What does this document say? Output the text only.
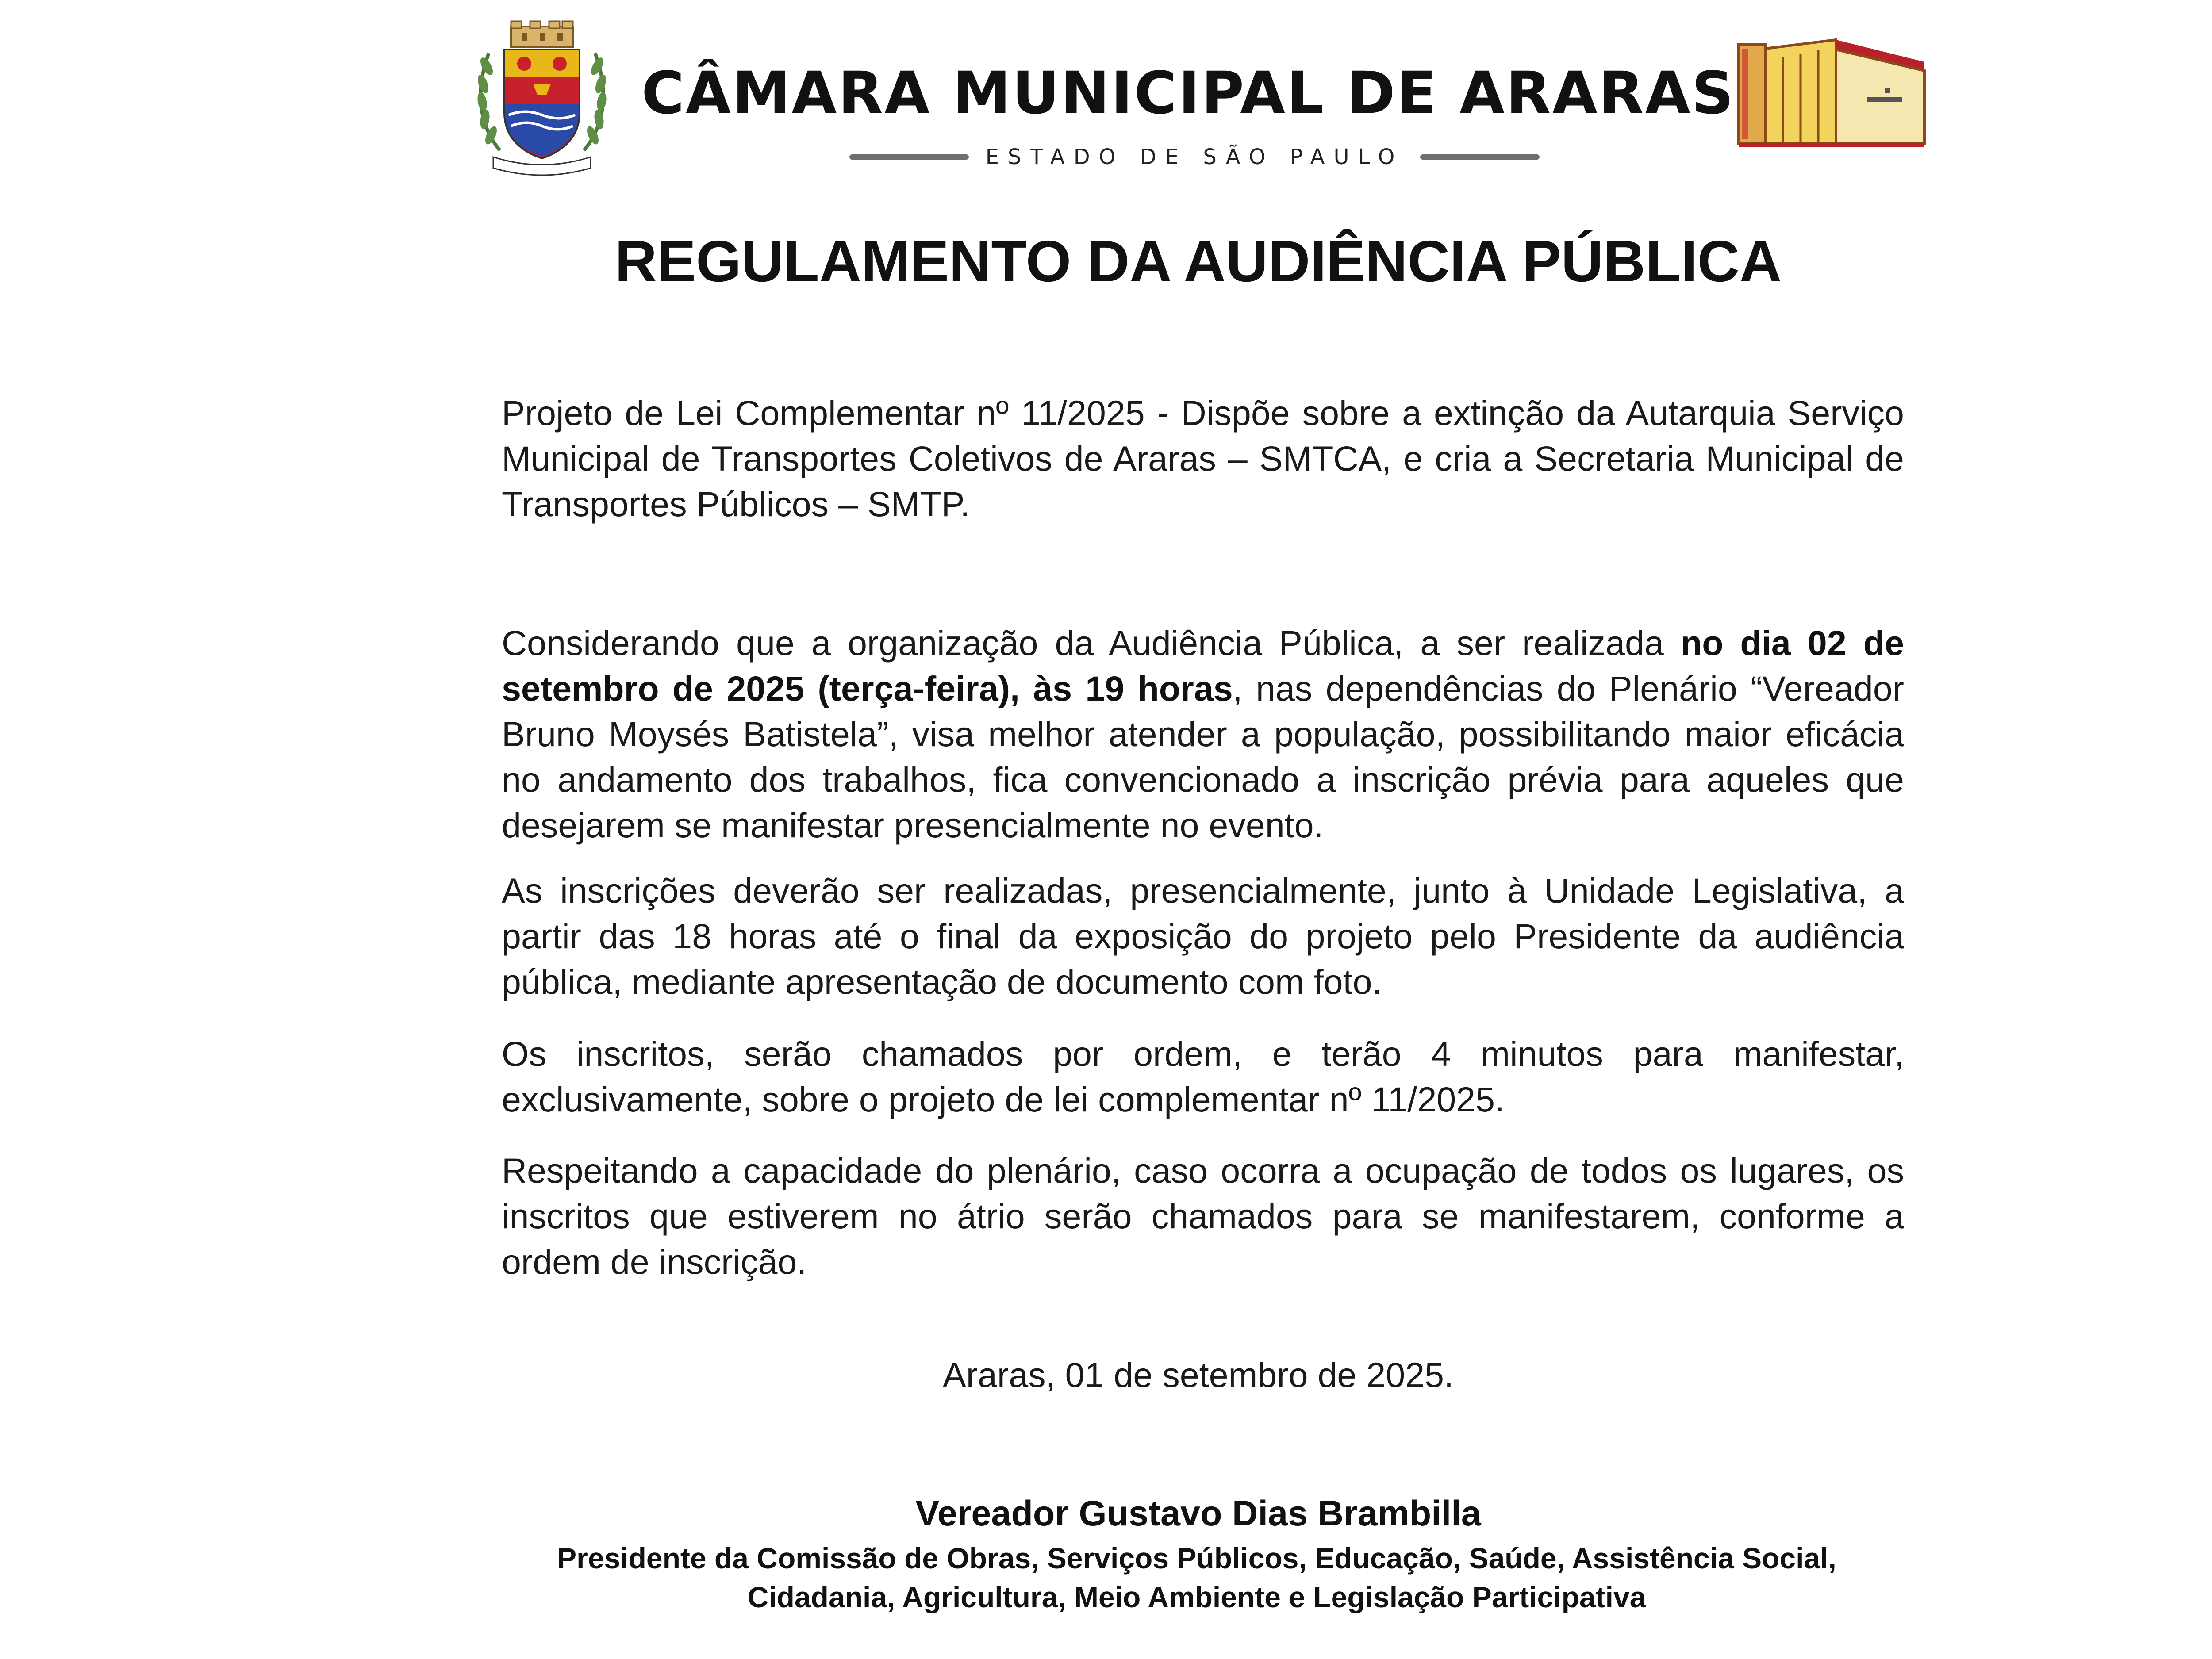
CÂMARA MUNICIPAL DE ARARAS
ESTADO DE SÃO PAULO
REGULAMENTO DA AUDIÊNCIA PÚBLICA

Projeto de Lei Complementar nº 11/2025 - Dispõe sobre a extinção da Autarquia Serviço Municipal de Transportes Coletivos de Araras – SMTCA, e cria a Secretaria Municipal de Transportes Públicos – SMTP.

Considerando que a organização da Audiência Pública, a ser realizada no dia 02 de setembro de 2025 (terça-feira), às 19 horas, nas dependências do Plenário “Vereador Bruno Moysés Batistela”, visa melhor atender a população, possibilitando maior eficácia no andamento dos trabalhos, fica convencionado a inscrição prévia para aqueles que desejarem se manifestar presencialmente no evento.

As inscrições deverão ser realizadas, presencialmente, junto à Unidade Legislativa, a partir das 18 horas até o final da exposição do projeto pelo Presidente da audiência pública, mediante apresentação de documento com foto.

Os inscritos, serão chamados por ordem, e terão 4 minutos para manifestar, exclusivamente, sobre o projeto de lei complementar nº 11/2025.

Respeitando a capacidade do plenário, caso ocorra a ocupação de todos os lugares, os inscritos que estiverem no átrio serão chamados para se manifestarem, conforme a ordem de inscrição.

Araras, 01 de setembro de 2025.
Vereador Gustavo Dias Brambilla
Presidente da Comissão de Obras, Serviços Públicos, Educação, Saúde, Assistência Social,
Cidadania, Agricultura, Meio Ambiente e Legislação Participativa
